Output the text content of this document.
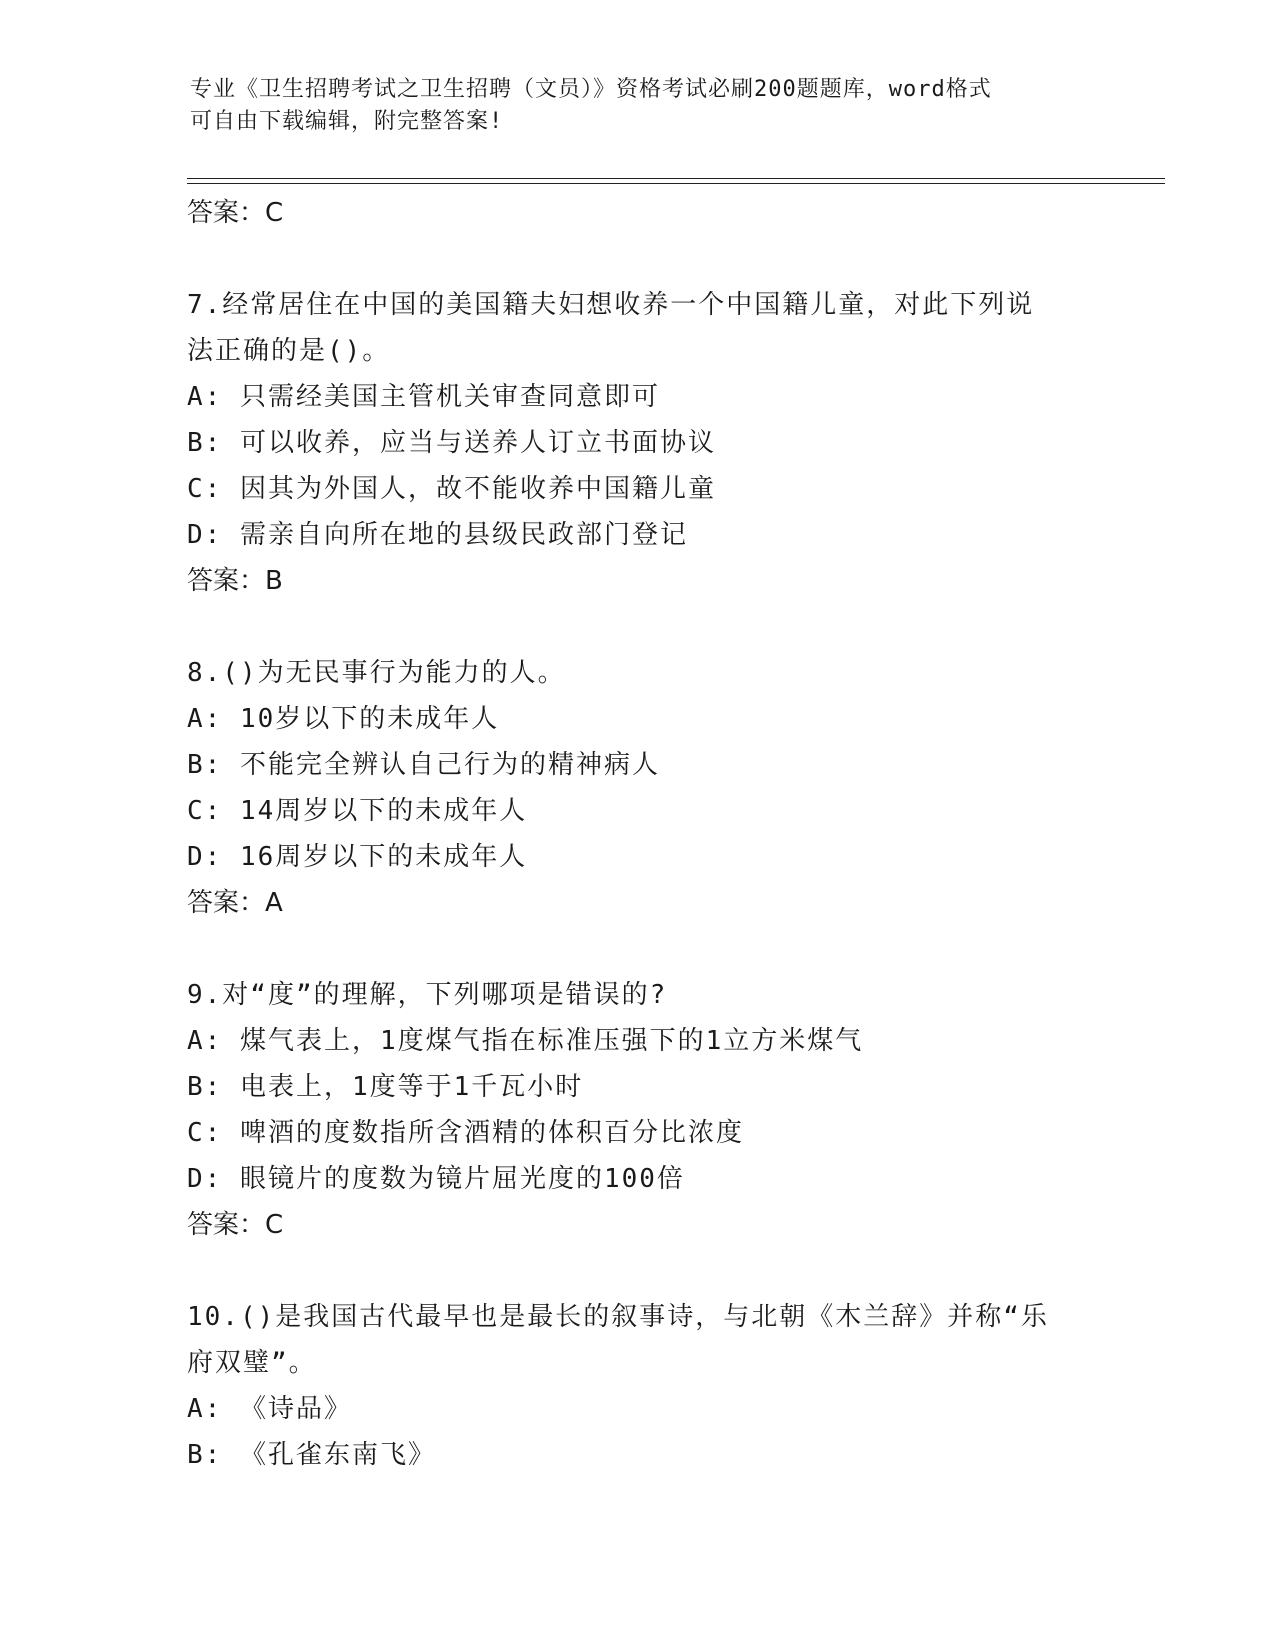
专业《卫生招聘考试之卫生招聘（文员）》资格考试必刷200题题库，word格式
可自由下载编辑，附完整答案!
答案：C
7.经常居住在中国的美国籍夫妇想收养一个中国籍儿童，对此下列说
法正确的是()。
A: 只需经美国主管机关审查同意即可
B: 可以收养，应当与送养人订立书面协议
C: 因其为外国人，故不能收养中国籍儿童
D: 需亲自向所在地的县级民政部门登记
答案：B
8.()为无民事行为能力的人。
A: 10岁以下的未成年人
B: 不能完全辨认自己行为的精神病人
C: 14周岁以下的未成年人
D: 16周岁以下的未成年人
答案：A
9.对“度”的理解，下列哪项是错误的?
A: 煤气表上，1度煤气指在标准压强下的1立方米煤气
B: 电表上，1度等于1千瓦小时
C: 啤酒的度数指所含酒精的体积百分比浓度
D: 眼镜片的度数为镜片屈光度的100倍
答案：C
10.()是我国古代最早也是最长的叙事诗，与北朝《木兰辞》并称“乐
府双璧”。
A: 《诗品》
B: 《孔雀东南飞》
